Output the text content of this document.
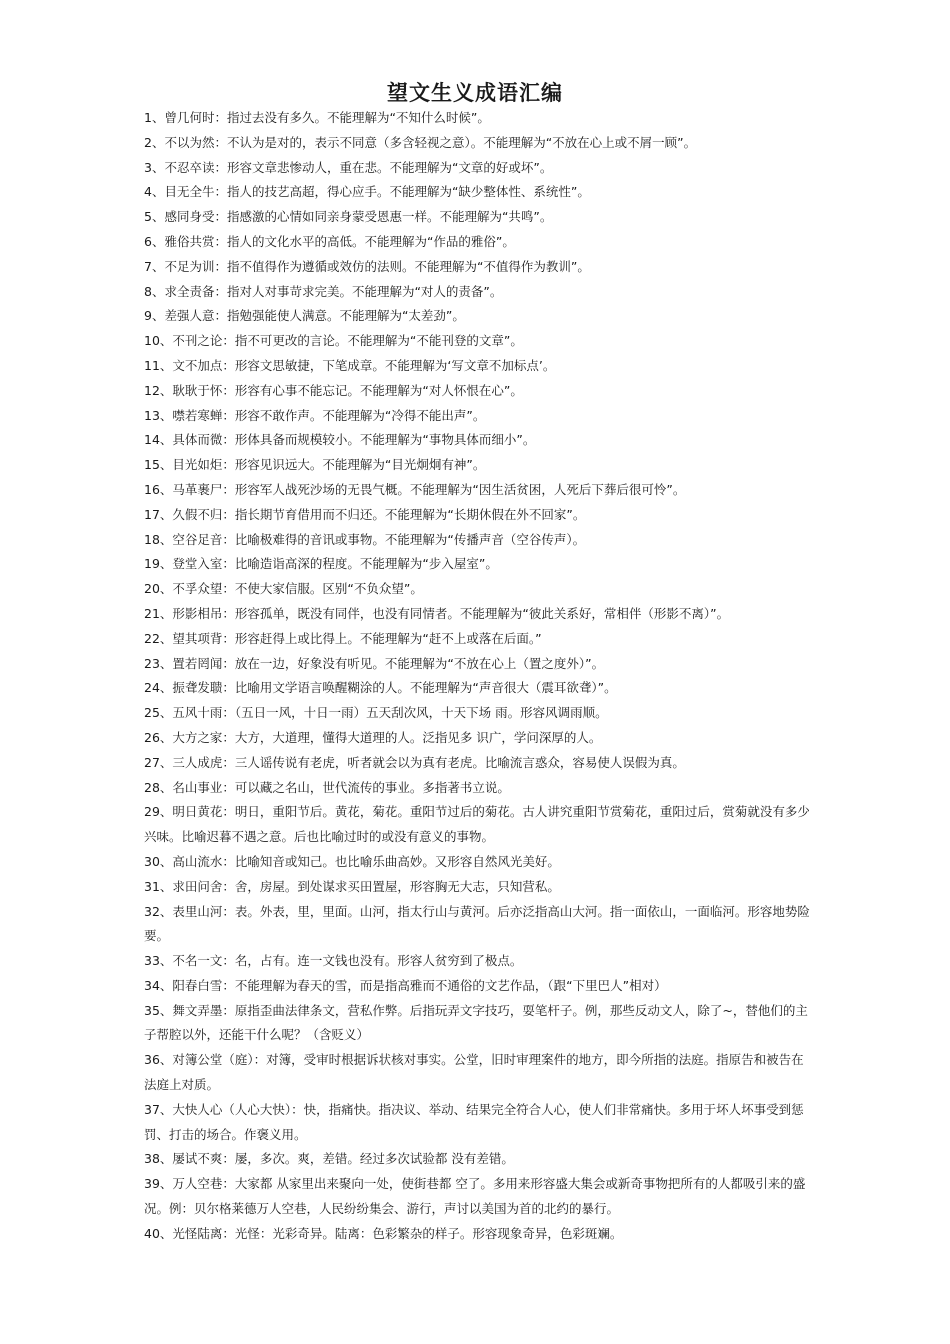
望文生义成语汇编
1、曾几何时：指过去没有多久。不能理解为“不知什么时候”。
2、不以为然：不认为是对的，表示不同意（多含轻视之意）。不能理解为“不放在心上或不屑一顾”。
3、不忍卒读：形容文章悲惨动人，重在悲。不能理解为“文章的好或坏”。
4、目无全牛：指人的技艺高超，得心应手。不能理解为“缺少整体性、系统性”。
5、感同身受：指感激的心情如同亲身蒙受恩惠一样。不能理解为“共鸣”。
6、雅俗共赏：指人的文化水平的高低。不能理解为“作品的雅俗”。
7、不足为训：指不值得作为遵循或效仿的法则。不能理解为“不值得作为教训”。
8、求全责备：指对人对事苛求完美。不能理解为“对人的责备”。
9、差强人意：指勉强能使人满意。不能理解为“太差劲”。
10、不刊之论：指不可更改的言论。不能理解为“不能刊登的文章”。
11、文不加点：形容文思敏捷，下笔成章。不能理解为‘写文章不加标点’。
12、耿耿于怀：形容有心事不能忘记。不能理解为“对人怀恨在心”。
13、噤若寒蝉：形容不敢作声。不能理解为“冷得不能出声”。
14、具体而微：形体具备而规模较小。不能理解为“事物具体而细小”。
15、目光如炬：形容见识远大。不能理解为“目光炯炯有神”。
16、马革裹尸：形容军人战死沙场的无畏气概。不能理解为“因生活贫困，人死后下葬后很可怜”。
17、久假不归：指长期节育借用而不归还。不能理解为“长期休假在外不回家”。
18、空谷足音：比喻极难得的音讯或事物。不能理解为“传播声音（空谷传声）。
19、登堂入室：比喻造诣高深的程度。不能理解为“步入屋室”。
20、不孚众望：不使大家信服。区别“不负众望”。
21、形影相吊：形容孤单，既没有同伴，也没有同情者。不能理解为“彼此关系好，常相伴（形影不离）”。
22、望其项背：形容赶得上或比得上。不能理解为“赶不上或落在后面。”
23、置若罔闻：放在一边，好象没有听见。不能理解为“不放在心上（置之度外）”。
24、振聋发聩：比喻用文学语言唤醒糊涂的人。不能理解为“声音很大（震耳欲聋）”。
25、五风十雨：（五日一风，十日一雨）五天刮次风，十天下场 雨。形容风调雨顺。
26、大方之家：大方，大道理，懂得大道理的人。泛指见多 识广，学问深厚的人。
27、三人成虎：三人谣传说有老虎，听者就会以为真有老虎。比喻流言惑众，容易使人误假为真。
28、名山事业：可以藏之名山，世代流传的事业。多指著书立说。
29、明日黄花：明日，重阳节后。黄花，菊花。重阳节过后的菊花。古人讲究重阳节赏菊花，重阳过后，赏菊就没有多少兴味。比喻迟暮不遇之意。后也比喻过时的或没有意义的事物。
30、高山流水：比喻知音或知己。也比喻乐曲高妙。又形容自然风光美好。
31、求田问舍：舍，房屋。到处谋求买田置屋，形容胸无大志，只知营私。
32、表里山河：表。外表，里，里面。山河，指太行山与黄河。后亦泛指高山大河。指一面依山，一面临河。形容地势险要。
33、不名一文：名，占有。连一文钱也没有。形容人贫穷到了极点。
34、阳春白雪：不能理解为春天的雪，而是指高雅而不通俗的文艺作品，（跟“下里巴人”相对）
35、舞文弄墨：原指歪曲法律条文，营私作弊。后指玩弄文字技巧，耍笔杆子。例，那些反动文人，除了~，替他们的主子帮腔以外，还能干什么呢？（含贬义）
36、对簿公堂（庭）：对簿，受审时根据诉状核对事实。公堂，旧时审理案件的地方，即今所指的法庭。指原告和被告在法庭上对质。
37、大快人心（人心大快）：快，指痛快。指决议、举动、结果完全符合人心，使人们非常痛快。多用于坏人坏事受到惩罚、打击的场合。作褒义用。
38、屡试不爽：屡，多次。爽，差错。经过多次试验都 没有差错。
39、万人空巷：大家都 从家里出来聚向一处，使街巷都 空了。多用来形容盛大集会或新奇事物把所有的人都吸引来的盛况。例：贝尔格莱德万人空巷，人民纷纷集会、游行，声讨以美国为首的北约的暴行。
40、光怪陆离：光怪：光彩奇异。陆离：色彩繁杂的样子。形容现象奇异，色彩斑斓。
